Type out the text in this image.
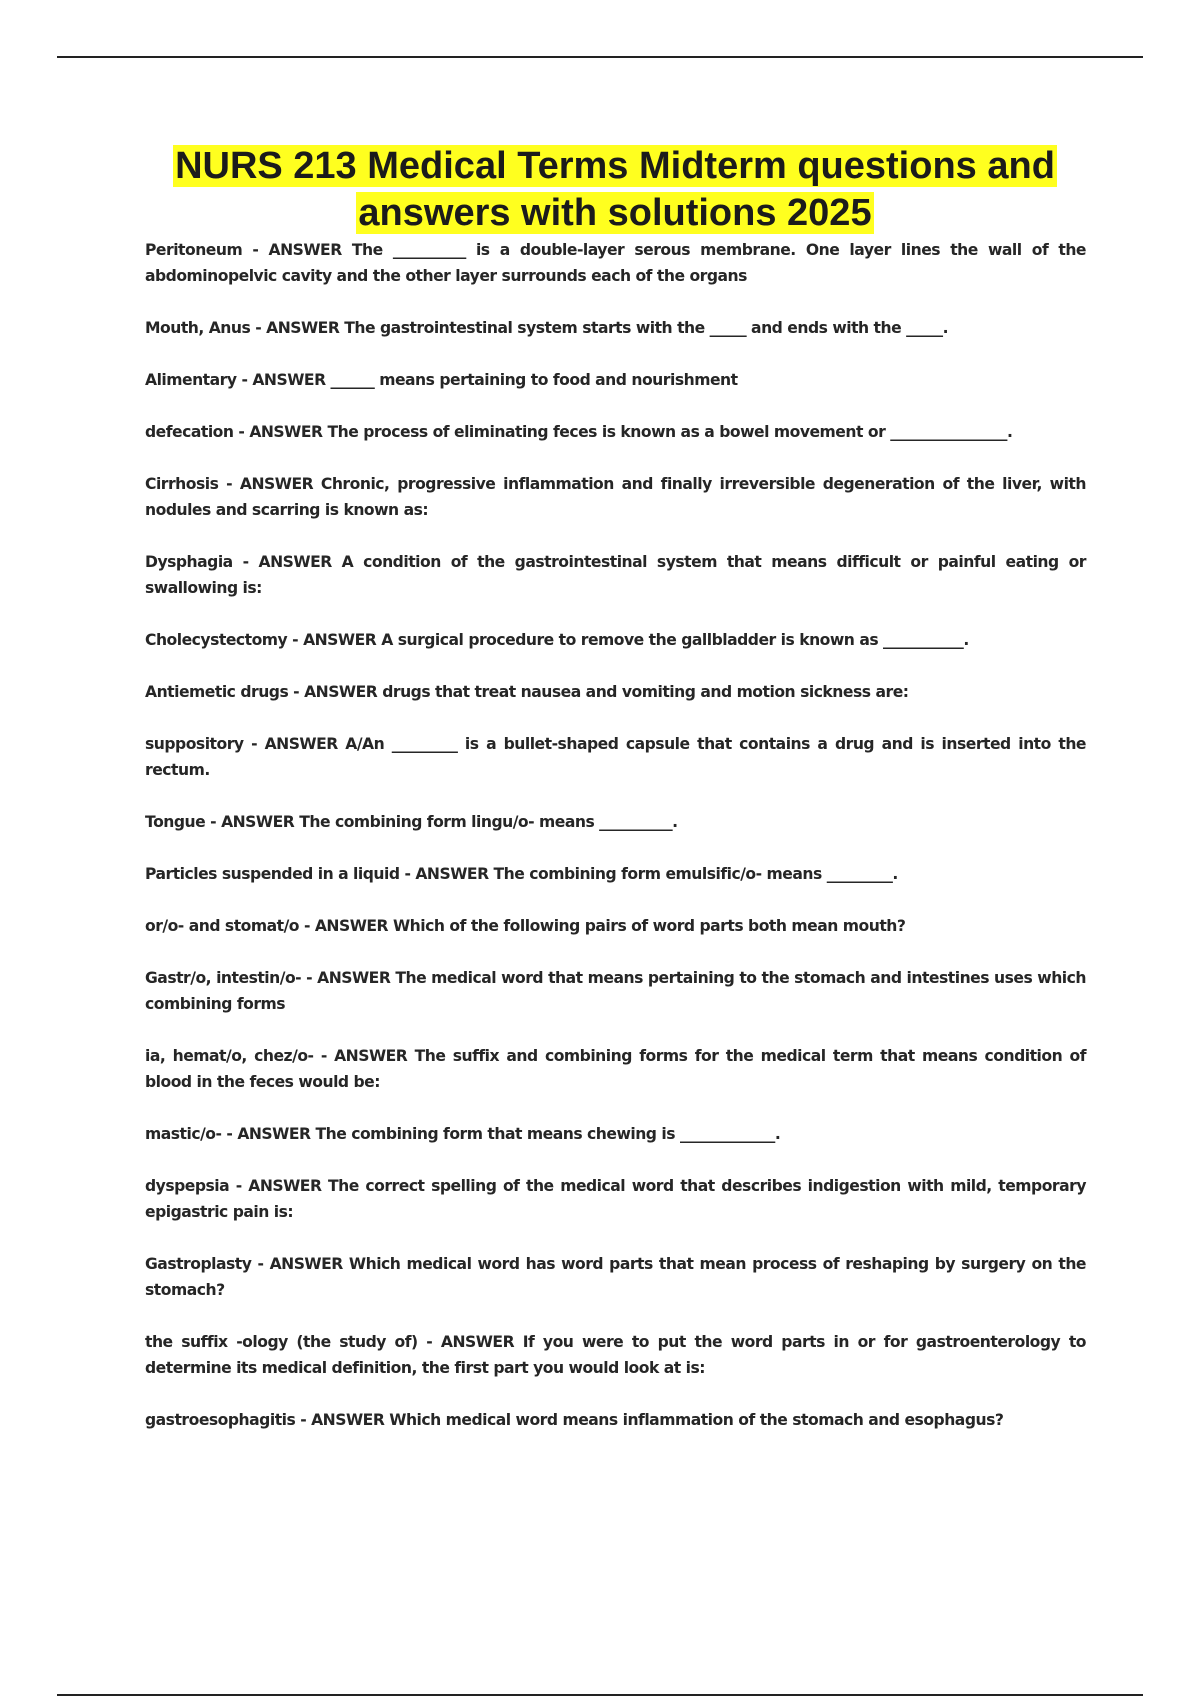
NURS 213 Medical Terms Midterm questions and answers with solutions 2025
Peritoneum - ANSWER The __________ is a double-layer serous membrane. One layer lines the wall of the abdominopelvic cavity and the other layer surrounds each of the organs
Mouth, Anus - ANSWER The gastrointestinal system starts with the _____ and ends with the _____.
Alimentary - ANSWER ______ means pertaining to food and nourishment
defecation - ANSWER The process of eliminating feces is known as a bowel movement or ________________.
Cirrhosis - ANSWER Chronic, progressive inflammation and finally irreversible degeneration of the liver, with nodules and scarring is known as:
Dysphagia - ANSWER A condition of the gastrointestinal system that means difficult or painful eating or swallowing is:
Cholecystectomy - ANSWER A surgical procedure to remove the gallbladder is known as ___________.
Antiemetic drugs - ANSWER drugs that treat nausea and vomiting and motion sickness are:
suppository - ANSWER A/An _________ is a bullet-shaped capsule that contains a drug and is inserted into the rectum.
Tongue - ANSWER The combining form lingu/o- means __________.
Particles suspended in a liquid - ANSWER The combining form emulsific/o- means _________.
or/o- and stomat/o - ANSWER Which of the following pairs of word parts both mean mouth?
Gastr/o, intestin/o- - ANSWER The medical word that means pertaining to the stomach and intestines uses which combining forms
ia, hemat/o, chez/o- - ANSWER The suffix and combining forms for the medical term that means condition of blood in the feces would be:
mastic/o- - ANSWER The combining form that means chewing is _____________.
dyspepsia - ANSWER The correct spelling of the medical word that describes indigestion with mild, temporary epigastric pain is:
Gastroplasty - ANSWER Which medical word has word parts that mean process of reshaping by surgery on the stomach?
the suffix -ology (the study of) - ANSWER If you were to put the word parts in or for gastroenterology to determine its medical definition, the first part you would look at is:
gastroesophagitis - ANSWER Which medical word means inflammation of the stomach and esophagus?
